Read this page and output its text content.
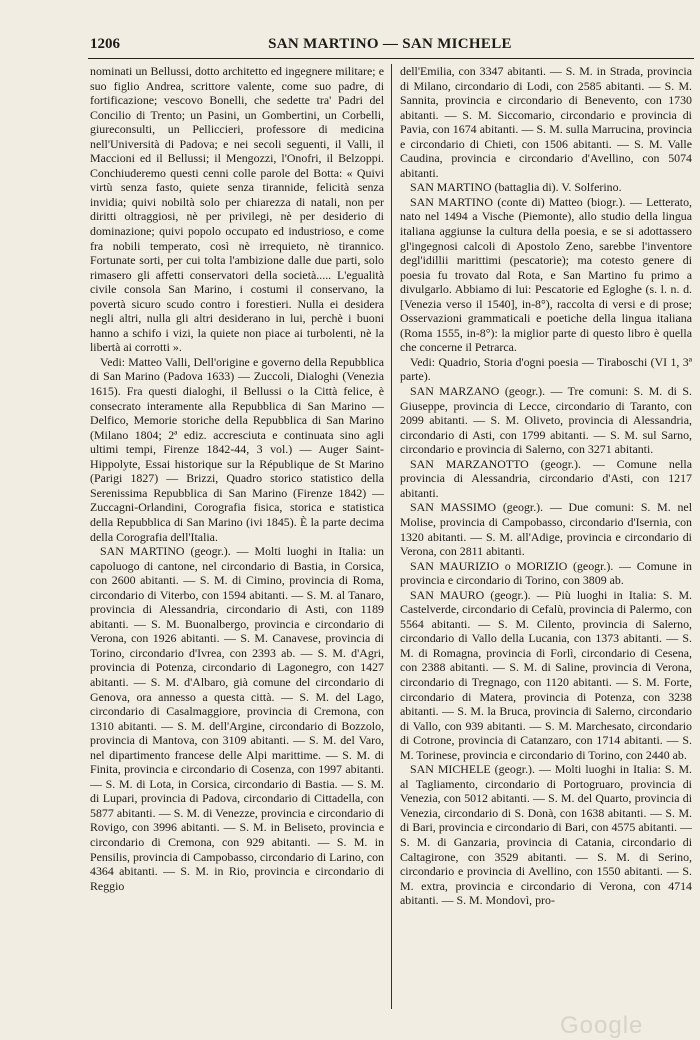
1206	SAN MARTINO — SAN MICHELE

nominati un Bellussi, dotto architetto ed ingegnere militare; e suo figlio Andrea, scrittore valente, come suo padre, di fortificazione; vescovo Bonelli, che sedette tra' Padri del Concilio di Trento; un Pasini, un Gombertini, un Corbelli, giureconsulti, un Pelliccieri, professore di medicina nell'Università di Padova; e nei secoli seguenti, il Valli, il Maccioni ed il Bellussi; il Mengozzi, l'Onofri, il Belzoppi. Conchiuderemo questi cenni colle parole del Botta: « Quivi virtù senza fasto, quiete senza tirannide, felicità senza invidia; quivi nobiltà solo per chiarezza di natali, non per diritti oltraggiosi, nè per privilegi, nè per desiderio di dominazione; quivi popolo occupato ed industrioso, e come fra nobili temperato, così nè irrequieto, nè tirannico. Fortunate sorti, per cui tolta l'ambizione dalle due parti, solo rimasero gli affetti conservatori della società..... L'egualità civile consola San Marino, i costumi il conservano, la povertà sicuro scudo contro i forestieri. Nulla ei desidera negli altri, nulla gli altri desiderano in lui, perchè i buoni hanno a schifo i vizi, la quiete non piace ai turbolenti, nè la libertà ai corrotti ».

Vedi: Matteo Valli, Dell'origine e governo della Repubblica di San Marino (Padova 1633) — Zuccoli, Dialoghi (Venezia 1615). Fra questi dialoghi, il Bellussi o la Città felice, è consecrato interamente alla Repubblica di San Marino — Delfico, Memorie storiche della Repubblica di San Marino (Milano 1804; 2ª ediz. accresciuta e continuata sino agli ultimi tempi, Firenze 1842-44, 3 vol.) — Auger Saint-Hippolyte, Essai historique sur la République de St Marino (Parigi 1827) — Brizzi, Quadro storico statistico della Serenissima Repubblica di San Marino (Firenze 1842) — Zuccagni-Orlandini, Corografia fisica, storica e statistica della Repubblica di San Marino (ivi 1845). È la parte decima della Corografia dell'Italia.

SAN MARTINO (geogr.). — Molti luoghi in Italia: un capoluogo di cantone, nel circondario di Bastia, in Corsica, con 2600 abitanti. — S. M. di Cimino, provincia di Roma, circondario di Viterbo, con 1594 abitanti. — S. M. al Tanaro, provincia di Alessandria, circondario di Asti, con 1189 abitanti. — S. M. Buonalbergo, provincia e circondario di Verona, con 1926 abitanti. — S. M. Canavese, provincia di Torino, circondario d'Ivrea, con 2393 ab. — S. M. d'Agri, provincia di Potenza, circondario di Lagonegro, con 1427 abitanti. — S. M. d'Albaro, già comune del circondario di Genova, ora annesso a questa città. — S. M. del Lago, circondario di Casalmaggiore, provincia di Cremona, con 1310 abitanti. — S. M. dell'Argine, circondario di Bozzolo, provincia di Mantova, con 3109 abitanti. — S. M. del Varo, nel dipartimento francese delle Alpi marittime. — S. M. di Finita, provincia e circondario di Cosenza, con 1997 abitanti. — S. M. di Lota, in Corsica, circondario di Bastia. — S. M. di Lupari, provincia di Padova, circondario di Cittadella, con 5877 abitanti. — S. M. di Venezze, provincia e circondario di Rovigo, con 3996 abitanti. — S. M. in Beliseto, provincia e circondario di Cremona, con 929 abitanti. — S. M. in Pensilis, provincia di Campobasso, circondario di Larino, con 4364 abitanti. — S. M. in Rio, provincia e circondario di Reggio

dell'Emilia, con 3347 abitanti. — S. M. in Strada, provincia di Milano, circondario di Lodi, con 2585 abitanti. — S. M. Sannita, provincia e circondario di Benevento, con 1730 abitanti. — S. M. Siccomario, circondario e provincia di Pavia, con 1674 abitanti. — S. M. sulla Marrucina, provincia e circondario di Chieti, con 1506 abitanti. — S. M. Valle Caudina, provincia e circondario d'Avellino, con 5074 abitanti.

SAN MARTINO (battaglia di). V. Solferino.

SAN MARTINO (conte di) Matteo (biogr.). — Letterato, nato nel 1494 a Vische (Piemonte), allo studio della lingua italiana aggiunse la cultura della poesia, e se si adottassero gl'ingegnosi calcoli di Apostolo Zeno, sarebbe l'inventore degl'idillii marittimi (pescatorie); ma cotesto genere di poesia fu trovato dal Rota, e San Martino fu primo a divulgarlo. Abbiamo di lui: Pescatorie ed Egloghe (s. l. n. d. [Venezia verso il 1540], in-8°), raccolta di versi e di prose; Osservazioni grammaticali e poetiche della lingua italiana (Roma 1555, in-8°): la miglior parte di questo libro è quella che concerne il Petrarca.

Vedi: Quadrio, Storia d'ogni poesia — Tiraboschi (VI 1, 3ª parte).

SAN MARZANO (geogr.). — Tre comuni: S. M. di S. Giuseppe, provincia di Lecce, circondario di Taranto, con 2099 abitanti. — S. M. Oliveto, provincia di Alessandria, circondario di Asti, con 1799 abitanti. — S. M. sul Sarno, circondario e provincia di Salerno, con 3271 abitanti.

SAN MARZANOTTO (geogr.). — Comune nella provincia di Alessandria, circondario d'Asti, con 1217 abitanti.

SAN MASSIMO (geogr.). — Due comuni: S. M. nel Molise, provincia di Campobasso, circondario d'Isernia, con 1320 abitanti. — S. M. all'Adige, provincia e circondario di Verona, con 2811 abitanti.

SAN MAURIZIO o MORIZIO (geogr.). — Comune in provincia e circondario di Torino, con 3809 ab.

SAN MAURO (geogr.). — Più luoghi in Italia: S. M. Castelverde, circondario di Cefalù, provincia di Palermo, con 5564 abitanti. — S. M. Cilento, provincia di Salerno, circondario di Vallo della Lucania, con 1373 abitanti. — S. M. di Romagna, provincia di Forlì, circondario di Cesena, con 2388 abitanti. — S. M. di Saline, provincia di Verona, circondario di Tregnago, con 1120 abitanti. — S. M. Forte, circondario di Matera, provincia di Potenza, con 3238 abitanti. — S. M. la Bruca, provincia di Salerno, circondario di Vallo, con 939 abitanti. — S. M. Marchesato, circondario di Cotrone, provincia di Catanzaro, con 1714 abitanti. — S. M. Torinese, provincia e circondario di Torino, con 2440 ab.

SAN MICHELE (geogr.). — Molti luoghi in Italia: S. M. al Tagliamento, circondario di Portogruaro, provincia di Venezia, con 5012 abitanti. — S. M. del Quarto, provincia di Venezia, circondario di S. Donà, con 1638 abitanti. — S. M. di Bari, provincia e circondario di Bari, con 4575 abitanti. — S. M. di Ganzaria, provincia di Catania, circondario di Caltagirone, con 3529 abitanti. — S. M. di Serino, circondario e provincia di Avellino, con 1550 abitanti. — S. M. extra, provincia e circondario di Verona, con 4714 abitanti. — S. M. Mondovì, pro-

Google
